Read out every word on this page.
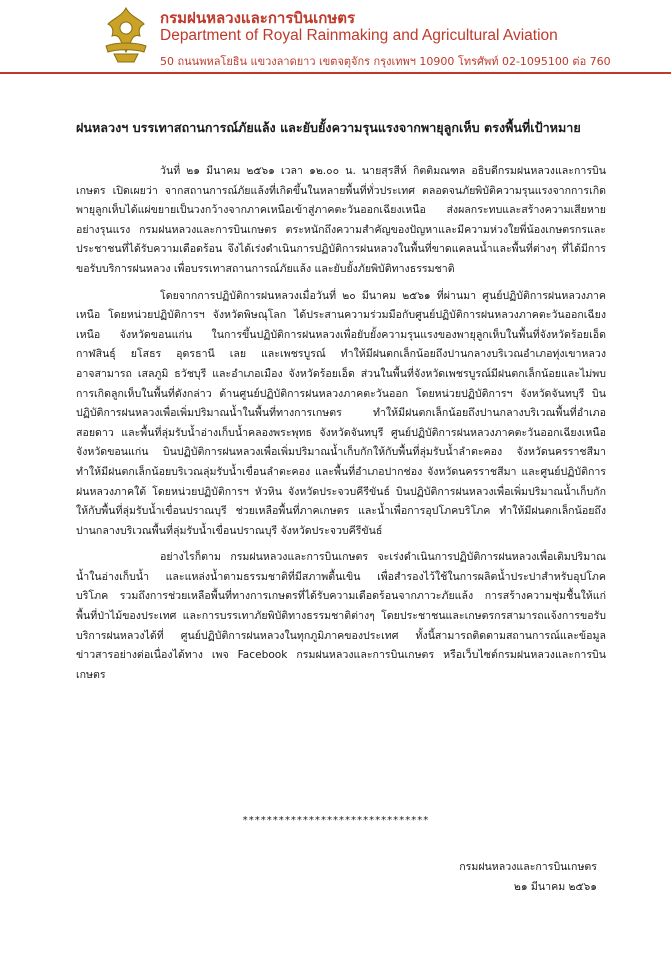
กรมฝนหลวงและการบินเกษตร
Department of Royal Rainmaking and Agricultural Aviation
50 ถนนพหลโยธิน แขวงลาดยาว เขตจตุจักร กรุงเทพฯ 10900 โทรศัพท์ 02-1095100 ต่อ 760
ฝนหลวงฯ บรรเทาสถานการณ์ภัยแล้ง และยับยั้งความรุนแรงจากพายุลูกเห็บ ตรงพื้นที่เป้าหมาย

วันที่ ๒๑ มีนาคม ๒๕๖๑ เวลา ๑๒.๐๐ น. นายสุรสีห์ กิตติมณฑล อธิบดีกรมฝนหลวงและการบินเกษตร เปิดเผยว่า จากสถานการณ์ภัยแล้งที่เกิดขึ้นในหลายพื้นที่ทั่วประเทศ ตลอดจนภัยพิบัติความรุนแรงจากการเกิดพายุลูกเห็บได้แผ่ขยายเป็นวงกว้างจากภาคเหนือเข้าสู่ภาคตะวันออกเฉียงเหนือ ส่งผลกระทบและสร้างความเสียหายอย่างรุนแรง กรมฝนหลวงและการบินเกษตร ตระหนักถึงความสำคัญของปัญหาและมีความห่วงใยพี่น้องเกษตรกรและประชาชนที่ได้รับความเดือดร้อน จึงได้เร่งดำเนินการปฏิบัติการฝนหลวงในพื้นที่ขาดแคลนน้ำและพื้นที่ต่างๆ ที่ได้มีการขอรับบริการฝนหลวง เพื่อบรรเทาสถานการณ์ภัยแล้ง และยับยั้งภัยพิบัติทางธรรมชาติ

โดยจากการปฏิบัติการฝนหลวงเมื่อวันที่ ๒๐ มีนาคม ๒๕๖๑ ที่ผ่านมา ศูนย์ปฏิบัติการฝนหลวงภาคเหนือ โดยหน่วยปฏิบัติการฯ จังหวัดพิษณุโลก ได้ประสานความร่วมมือกับศูนย์ปฏิบัติการฝนหลวงภาคตะวันออกเฉียงเหนือ จังหวัดขอนแก่น ในการขึ้นปฏิบัติการฝนหลวงเพื่อยับยั้งความรุนแรงของพายุลูกเห็บในพื้นที่จังหวัดร้อยเอ็ด กาฬสินธุ์ ยโสธร อุดรธานี เลย และเพชรบูรณ์ ทำให้มีฝนตกเล็กน้อยถึงปานกลางบริเวณอำเภอทุ่งเขาหลวง อาจสามารถ เสลภูมิ ธวัชบุรี และอำเภอเมือง จังหวัดร้อยเอ็ด ส่วนในพื้นที่จังหวัดเพชรบูรณ์มีฝนตกเล็กน้อยและไม่พบการเกิดลูกเห็บในพื้นที่ดังกล่าว ด้านศูนย์ปฏิบัติการฝนหลวงภาคตะวันออก โดยหน่วยปฏิบัติการฯ จังหวัดจันทบุรี บินปฏิบัติการฝนหลวงเพื่อเพิ่มปริมาณน้ำในพื้นที่ทางการเกษตร ทำให้มีฝนตกเล็กน้อยถึงปานกลางบริเวณพื้นที่อำเภอสอยดาว และพื้นที่ลุ่มรับน้ำอ่างเก็บน้ำคลองพระพุทธ จังหวัดจันทบุรี ศูนย์ปฏิบัติการฝนหลวงภาคตะวันออกเฉียงเหนือ จังหวัดขอนแก่น บินปฏิบัติการฝนหลวงเพื่อเพิ่มปริมาณน้ำเก็บกักให้กับพื้นที่ลุ่มรับน้ำลำตะคอง จังหวัดนครราชสีมา ทำให้มีฝนตกเล็กน้อยบริเวณลุ่มรับน้ำเขื่อนลำตะคอง และพื้นที่อำเภอปากช่อง จังหวัดนครราชสีมา และศูนย์ปฏิบัติการฝนหลวงภาคใต้ โดยหน่วยปฏิบัติการฯ หัวหิน จังหวัดประจวบคีรีขันธ์ บินปฏิบัติการฝนหลวงเพื่อเพิ่มปริมาณน้ำเก็บกักให้กับพื้นที่ลุ่มรับน้ำเขื่อนปราณบุรี ช่วยเหลือพื้นที่ภาคเกษตร และน้ำเพื่อการอุปโภคบริโภค ทำให้มีฝนตกเล็กน้อยถึงปานกลางบริเวณพื้นที่ลุ่มรับน้ำเขื่อนปราณบุรี จังหวัดประจวบคีรีขันธ์

อย่างไรก็ตาม กรมฝนหลวงและการบินเกษตร จะเร่งดำเนินการปฏิบัติการฝนหลวงเพื่อเติมปริมาณน้ำในอ่างเก็บน้ำ และแหล่งน้ำตามธรรมชาติที่มีสภาพตื้นเขิน เพื่อสำรองไว้ใช้ในการผลิตน้ำประปาสำหรับอุปโภคบริโภค รวมถึงการช่วยเหลือพื้นที่ทางการเกษตรที่ได้รับความเดือดร้อนจากภาวะภัยแล้ง การสร้างความชุ่มชื้นให้แก่พื้นที่ป่าไม้ของประเทศ และการบรรเทาภัยพิบัติทางธรรมชาติต่างๆ โดยประชาชนและเกษตรกรสามารถแจ้งการขอรับบริการฝนหลวงได้ที่ ศูนย์ปฏิบัติการฝนหลวงในทุกภูมิภาคของประเทศ ทั้งนี้สามารถติดตามสถานการณ์และข้อมูลข่าวสารอย่างต่อเนื่องได้ทาง เพจ Facebook กรมฝนหลวงและการบินเกษตร หรือเว็บไซต์กรมฝนหลวงและการบินเกษตร

*******************************
กรมฝนหลวงและการบินเกษตร
๒๑ มีนาคม ๒๕๖๑
